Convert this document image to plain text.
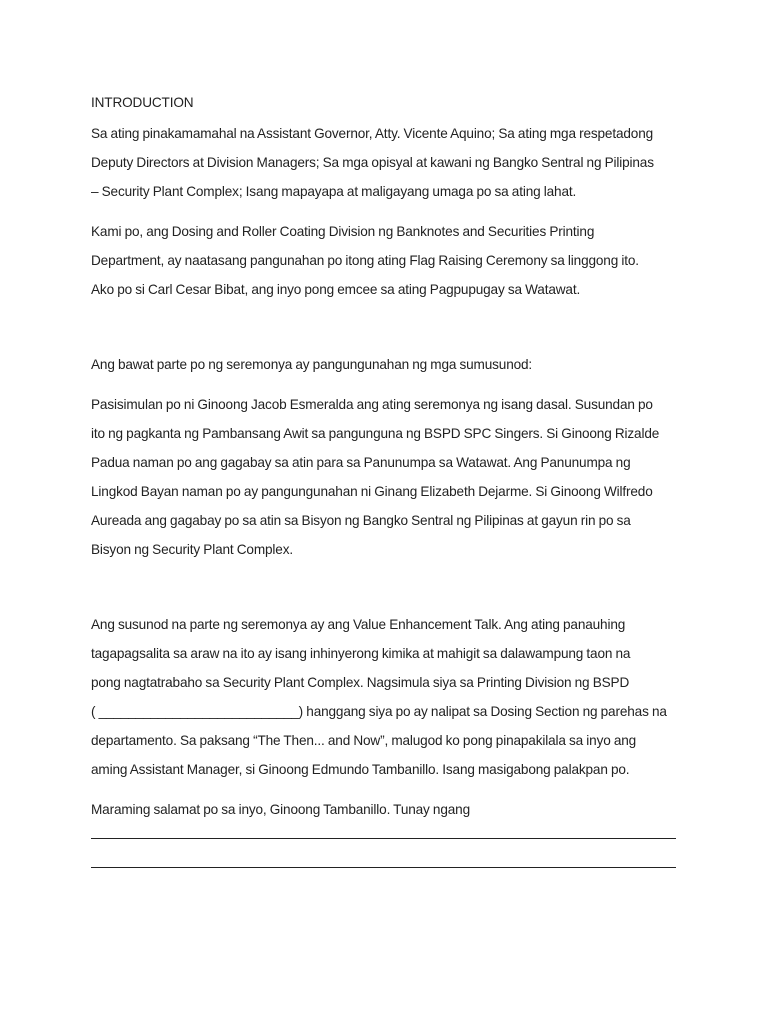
INTRODUCTION
Sa ating pinakamamahal na Assistant Governor, Atty. Vicente Aquino; Sa ating mga respetadong
Deputy Directors at Division Managers; Sa mga opisyal at kawani ng Bangko Sentral ng Pilipinas
– Security Plant Complex; Isang mapayapa at maligayang umaga po sa ating lahat.
Kami po, ang Dosing and Roller Coating Division ng Banknotes and Securities Printing
Department, ay naatasang pangunahan po itong ating Flag Raising Ceremony sa linggong ito.
Ako po si Carl Cesar Bibat, ang inyo pong emcee sa ating Pagpupugay sa Watawat.
Ang bawat parte po ng seremonya ay pangungunahan ng mga sumusunod:
Pasisimulan po ni Ginoong Jacob Esmeralda ang ating seremonya ng isang dasal. Susundan po
ito ng pagkanta ng Pambansang Awit sa pangunguna ng BSPD SPC Singers. Si Ginoong Rizalde
Padua naman po ang gagabay sa atin para sa Panunumpa sa Watawat. Ang Panunumpa ng
Lingkod Bayan naman po ay pangungunahan ni Ginang Elizabeth Dejarme. Si Ginoong Wilfredo
Aureada ang gagabay po sa atin sa Bisyon ng Bangko Sentral ng Pilipinas at gayun rin po sa
Bisyon ng Security Plant Complex.
Ang susunod na parte ng seremonya ay ang Value Enhancement Talk. Ang ating panauhing
tagapagsalita sa araw na ito ay isang inhinyerong kimika at mahigit sa dalawampung taon na
pong nagtatrabaho sa Security Plant Complex. Nagsimula siya sa Printing Division ng BSPD
( ___________________________) hanggang siya po ay nalipat sa Dosing Section ng parehas na
departamento. Sa paksang “The Then... and Now”, malugod ko pong pinapakilala sa inyo ang
aming Assistant Manager, si Ginoong Edmundo Tambanillo. Isang masigabong palakpan po.
Maraming salamat po sa inyo, Ginoong Tambanillo. Tunay ngang
